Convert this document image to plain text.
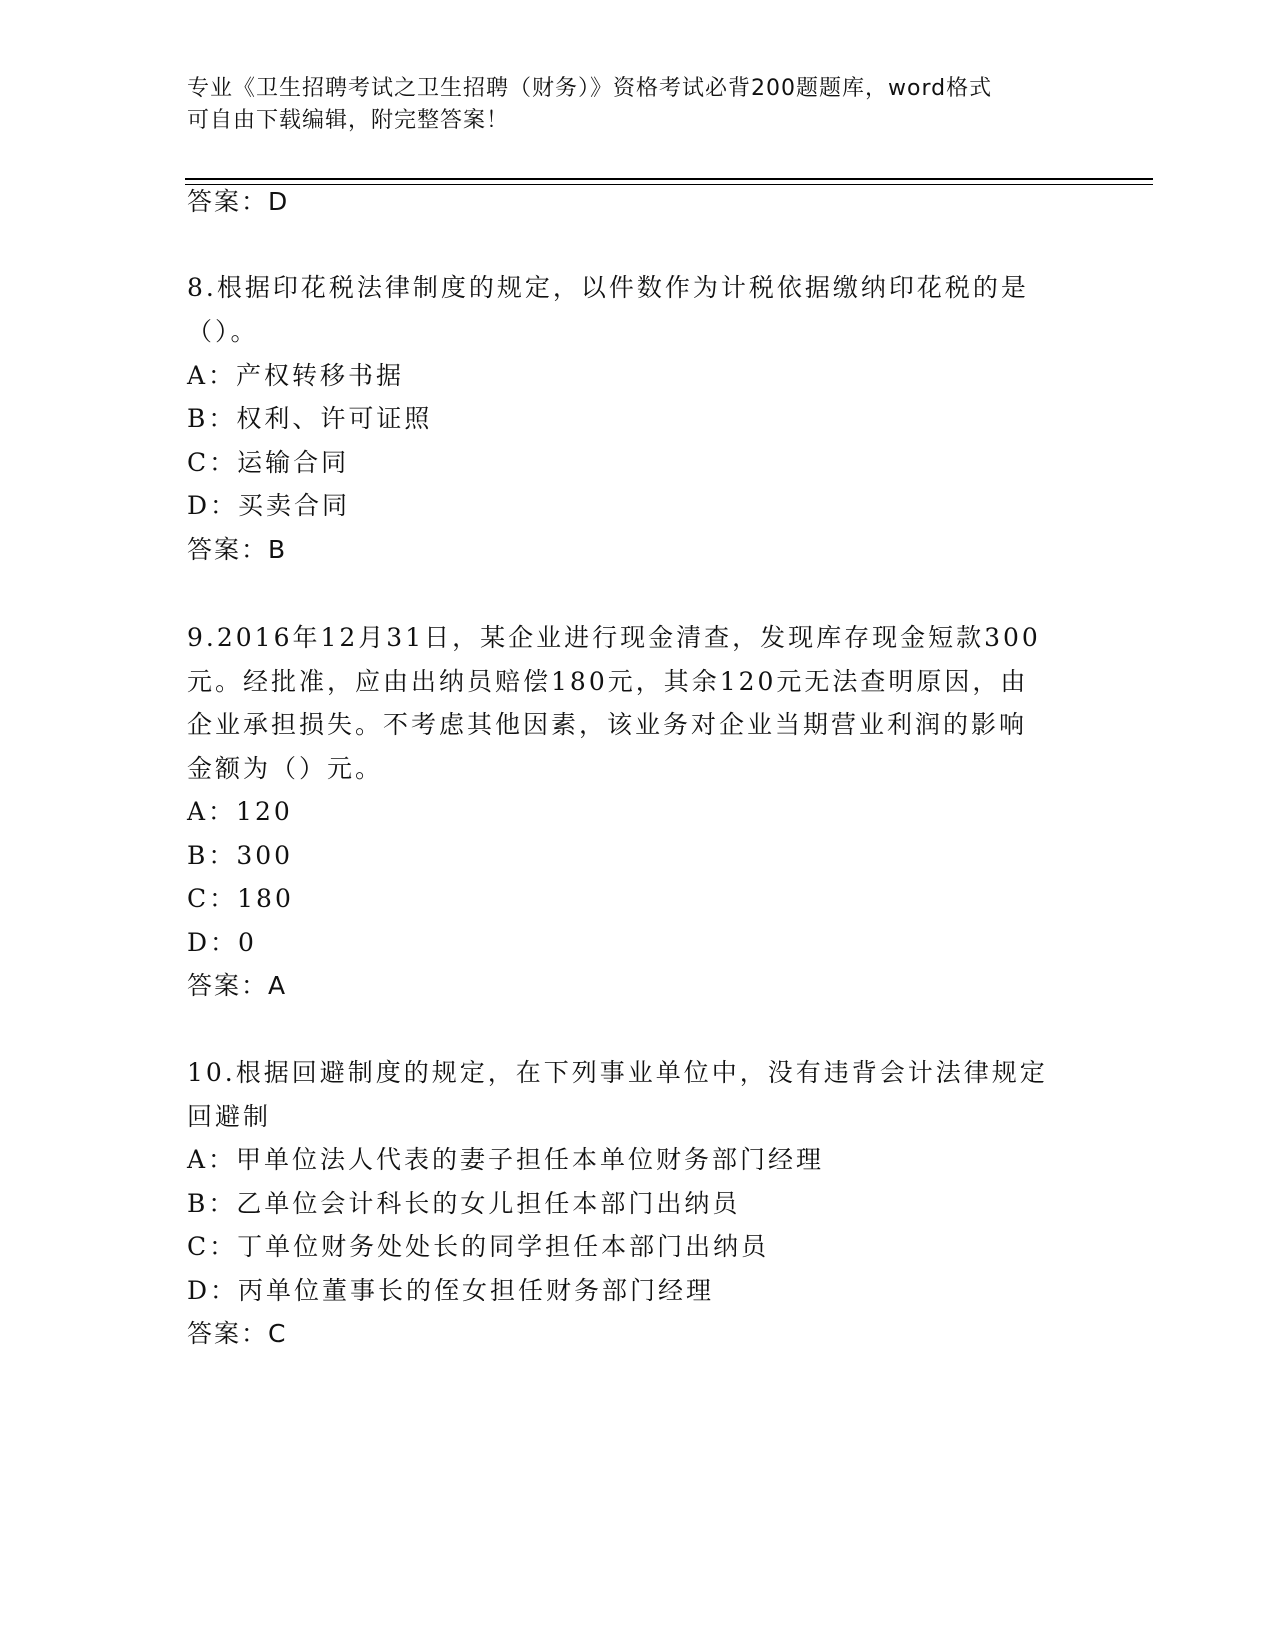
专业《卫生招聘考试之卫生招聘（财务）》资格考试必背200题题库，word格式
可自由下载编辑，附完整答案！
答案：D
8.根据印花税法律制度的规定，以件数作为计税依据缴纳印花税的是
（）。
A：产权转移书据
B：权利、许可证照
C：运输合同
D：买卖合同
答案：B
9.2016年12月31日，某企业进行现金清查，发现库存现金短款300
元。经批准，应由出纳员赔偿180元，其余120元无法查明原因，由
企业承担损失。不考虑其他因素，该业务对企业当期营业利润的影响
金额为（）元。
A：120
B：300
C：180
D：0
答案：A
10.根据回避制度的规定，在下列事业单位中，没有违背会计法律规定
回避制
A：甲单位法人代表的妻子担任本单位财务部门经理
B：乙单位会计科长的女儿担任本部门出纳员
C：丁单位财务处处长的同学担任本部门出纳员
D：丙单位董事长的侄女担任财务部门经理
答案：C
